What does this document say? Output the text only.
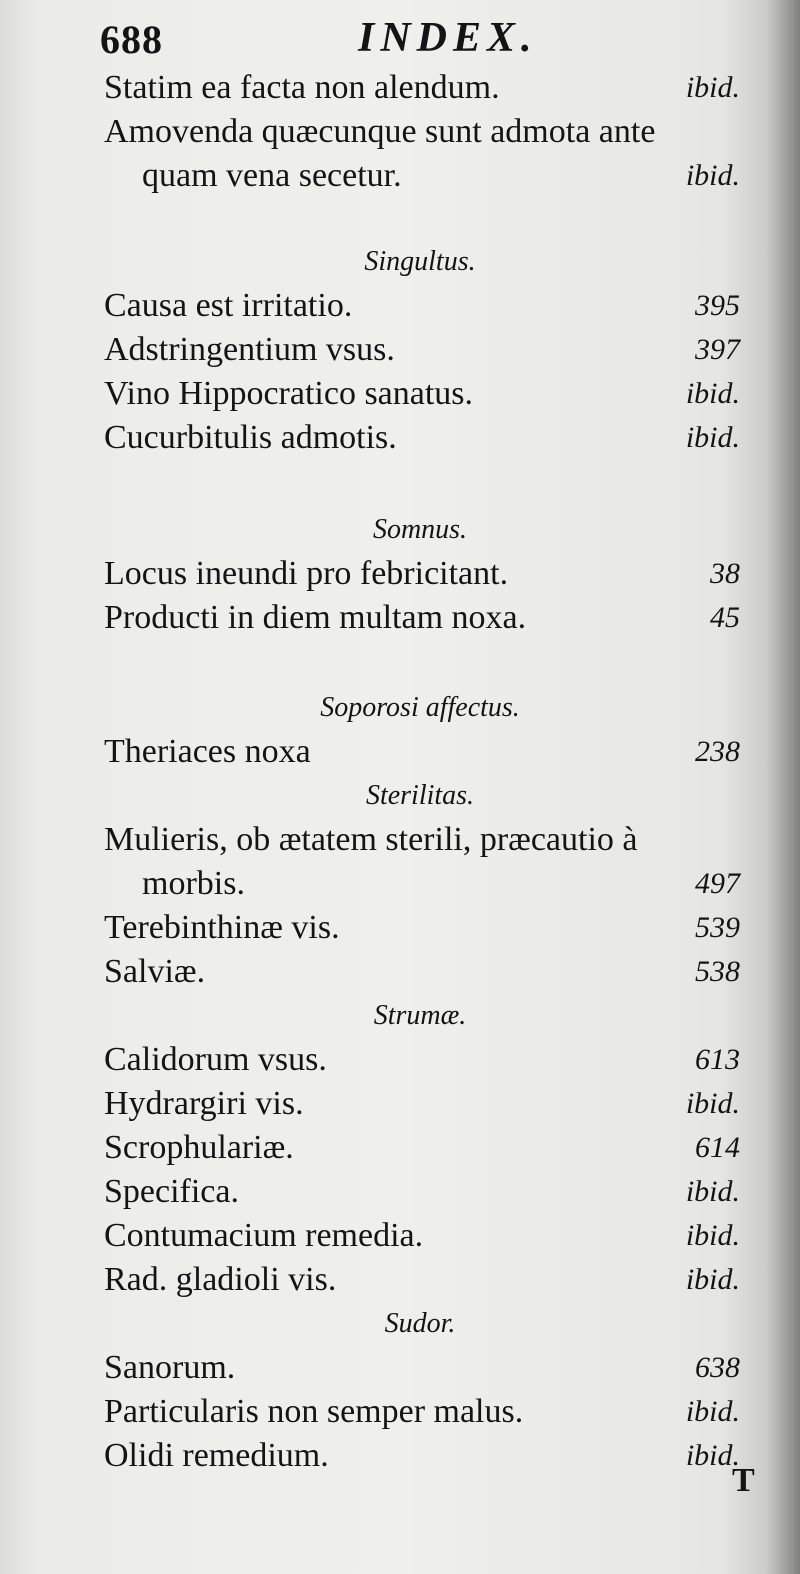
688	INDEX.
Statim ea facta non alendum.	ibid.
Amovenda quæcunque sunt admota ante
quam vena secetur.	ibid.
Singultus.
Causa est irritatio.	395
Adstringentium vsus.	397
Vino Hippocratico sanatus.	ibid.
Cucurbitulis admotis.	ibid.
Somnus.
Locus ineundi pro febricitant.	38
Producti in diem multam noxa.	45
Soporosi affectus.
Theriaces noxa	238
Sterilitas.
Mulieris, ob ætatem sterili, præcautio à
morbis.	497
Terebinthinæ vis.	539
Salviæ.	538
Strumæ.
Calidorum vsus.	613
Hydrargiri vis.	ibid.
Scrophulariæ.	614
Specifica.	ibid.
Contumacium remedia.	ibid.
Rad. gladioli vis.	ibid.
Sudor.
Sanorum.	638
Particularis non semper malus.	ibid.
Olidi remedium.	ibid.
T
